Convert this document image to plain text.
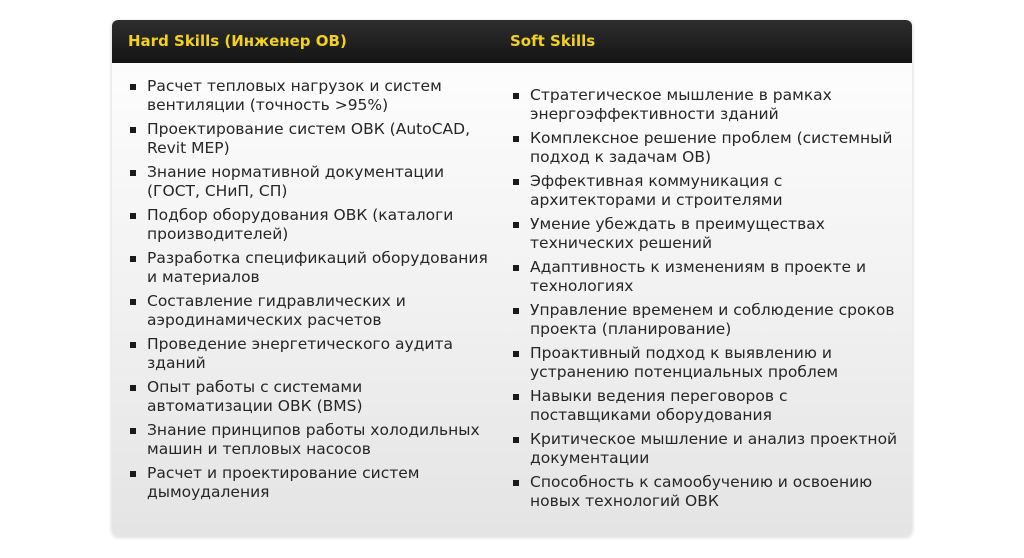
Hard Skills (Инженер ОВ)	Soft Skills
Расчет тепловых нагрузок и систем вентиляции (точность >95%)
Проектирование систем ОВК (AutoCAD, Revit MEP)
Знание нормативной документации (ГОСТ, СНиП, СП)
Подбор оборудования ОВК (каталоги производителей)
Разработка спецификаций оборудования и материалов
Составление гидравлических и аэродинамических расчетов
Проведение энергетического аудита зданий
Опыт работы с системами автоматизации ОВК (BMS)
Знание принципов работы холодильных машин и тепловых насосов
Расчет и проектирование систем дымоудаления
Стратегическое мышление в рамках энергоэффективности зданий
Комплексное решение проблем (системный подход к задачам ОВ)
Эффективная коммуникация с архитекторами и строителями
Умение убеждать в преимуществах технических решений
Адаптивность к изменениям в проекте и технологиях
Управление временем и соблюдение сроков проекта (планирование)
Проактивный подход к выявлению и устранению потенциальных проблем
Навыки ведения переговоров с поставщиками оборудования
Критическое мышление и анализ проектной документации
Способность к самообучению и освоению новых технологий ОВК
